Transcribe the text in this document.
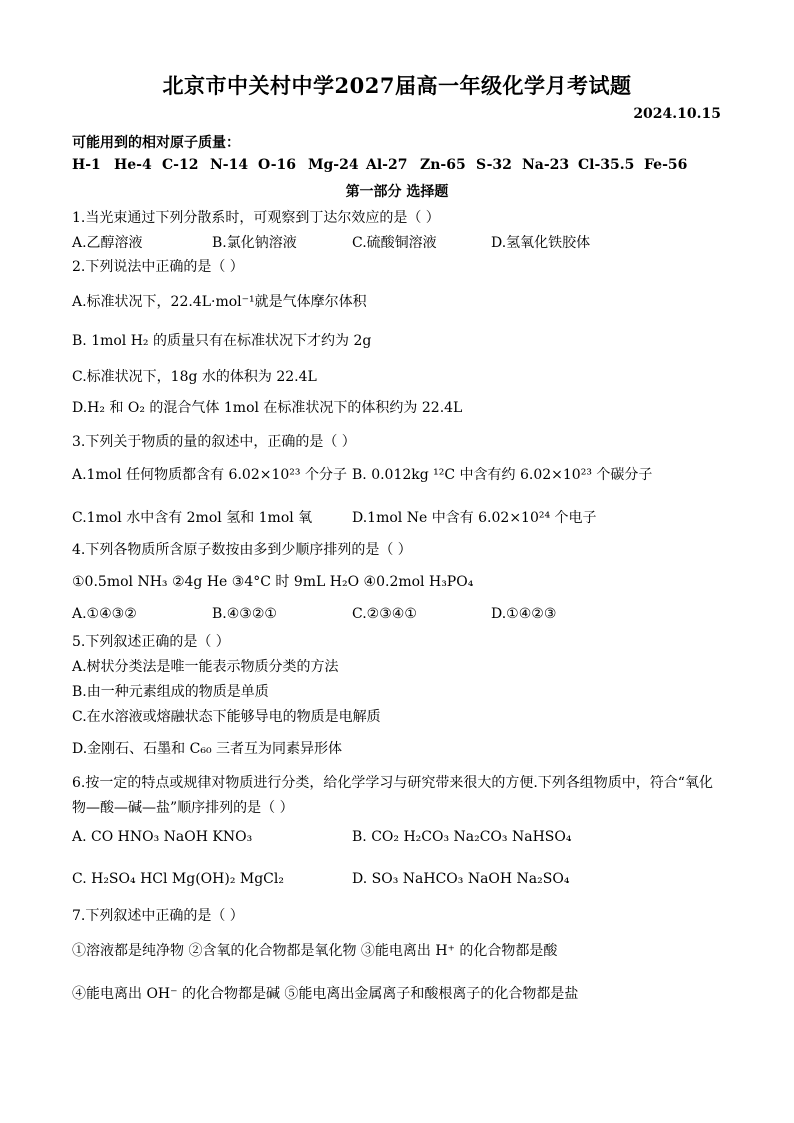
北京市中关村中学2027届高一年级化学月考试题
2024.10.15
可能用到的相对原子质量：
H-1 He-4 C-12 N-14 O-16 Mg-24 Al-27 Zn-65 S-32 Na-23 Cl-35.5 Fe-56
第一部分 选择题
1.当光束通过下列分散系时，可观察到丁达尔效应的是（ ）
A.乙醇溶液	B.氯化钠溶液	C.硫酸铜溶液	D.氢氧化铁胶体
2.下列说法中正确的是（ ）
A.标准状况下，22.4L·mol⁻¹就是气体摩尔体积
B. 1mol H₂ 的质量只有在标准状况下才约为 2g
C.标准状况下，18g 水的体积为 22.4L
D.H₂ 和 O₂ 的混合气体 1mol 在标准状况下的体积约为 22.4L
3.下列关于物质的量的叙述中，正确的是（ ）
A.1mol 任何物质都含有 6.02×10²³ 个分子 B. 0.012kg ¹²C 中含有约 6.02×10²³ 个碳分子
C.1mol 水中含有 2mol 氢和 1mol 氧	D.1mol Ne 中含有 6.02×10²⁴ 个电子
4.下列各物质所含原子数按由多到少顺序排列的是（ ）
①0.5mol NH₃ ②4g He ③4°C 时 9mL H₂O ④0.2mol H₃PO₄
A.①④③②	B.④③②①	C.②③④①	D.①④②③
5.下列叙述正确的是（ ）
A.树状分类法是唯一能表示物质分类的方法
B.由一种元素组成的物质是单质
C.在水溶液或熔融状态下能够导电的物质是电解质
D.金刚石、石墨和 C₆₀ 三者互为同素异形体
6.按一定的特点或规律对物质进行分类，给化学学习与研究带来很大的方便.下列各组物质中，符合“氧化
物—酸—碱—盐”顺序排列的是（ ）
A. CO HNO₃ NaOH KNO₃	B. CO₂ H₂CO₃ Na₂CO₃ NaHSO₄
C. H₂SO₄ HCl Mg(OH)₂ MgCl₂	D. SO₃ NaHCO₃ NaOH Na₂SO₄
7.下列叙述中正确的是（ ）
①溶液都是纯净物 ②含氧的化合物都是氧化物 ③能电离出 H⁺ 的化合物都是酸
④能电离出 OH⁻ 的化合物都是碱 ⑤能电离出金属离子和酸根离子的化合物都是盐
